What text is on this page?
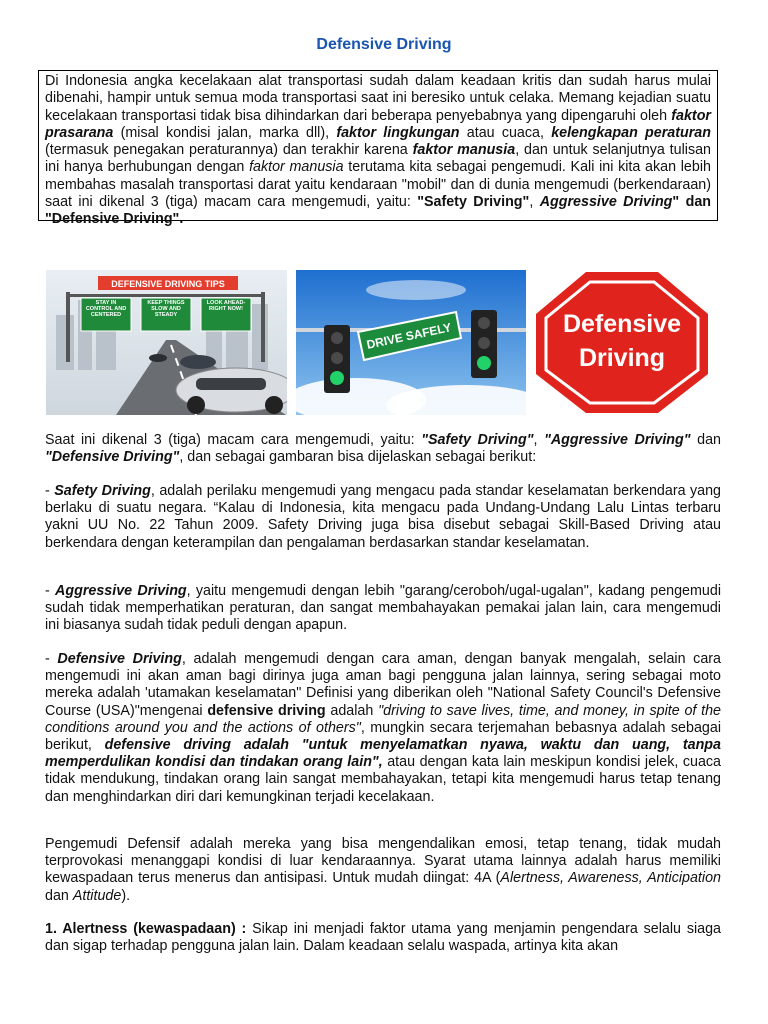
Defensive Driving
Di Indonesia angka kecelakaan alat transportasi sudah dalam keadaan kritis dan sudah harus mulai dibenahi, hampir untuk semua moda transportasi saat ini beresiko untuk celaka. Memang kejadian suatu kecelakaan transportasi tidak bisa dihindarkan dari beberapa penyebabnya yang dipengaruhi oleh faktor prasarana (misal kondisi jalan, marka dll), faktor lingkungan atau cuaca, kelengkapan peraturan (termasuk penegakan peraturannya) dan terakhir karena faktor manusia, dan untuk selanjutnya tulisan ini hanya berhubungan dengan faktor manusia terutama kita sebagai pengemudi. Kali ini kita akan lebih membahas masalah transportasi darat yaitu kendaraan "mobil" dan di dunia mengemudi (berkendaraan) saat ini dikenal 3 (tiga) macam cara mengemudi, yaitu: "Safety Driving", Aggressive Driving" dan "Defensive Driving".
DEFENSIVE DRIVING TIPS
STAY IN CONTROL AND CENTERED
KEEP THINGS SLOW AND STEADY
LOOK AHEAD-RIGHT NOW!
DRIVE SAFELY	Defensive
Driving
Saat ini dikenal 3 (tiga) macam cara mengemudi, yaitu: "Safety Driving", "Aggressive Driving" dan "Defensive Driving", dan sebagai gambaran bisa dijelaskan sebagai berikut:
- Safety Driving, adalah perilaku mengemudi yang mengacu pada standar keselamatan berkendara yang berlaku di suatu negara. “Kalau di Indonesia, kita mengacu pada Undang-Undang Lalu Lintas terbaru yakni UU No. 22 Tahun 2009. Safety Driving juga bisa disebut sebagai Skill-Based Driving atau berkendara dengan keterampilan dan pengalaman berdasarkan standar keselamatan.
- Aggressive Driving, yaitu mengemudi dengan lebih "garang/ceroboh/ugal-ugalan", kadang pengemudi sudah tidak memperhatikan peraturan, dan sangat membahayakan pemakai jalan lain, cara mengemudi ini biasanya sudah tidak peduli dengan apapun.
- Defensive Driving, adalah mengemudi dengan cara aman, dengan banyak mengalah, selain cara mengemudi ini akan aman bagi dirinya juga aman bagi pengguna jalan lainnya, sering sebagai moto mereka adalah 'utamakan keselamatan" Definisi yang diberikan oleh "National Safety Council's Defensive Course (USA)"mengenai defensive driving adalah "driving to save lives, time, and money, in spite of the conditions around you and the actions of others", mungkin secara terjemahan bebasnya adalah sebagai berikut, defensive driving adalah "untuk menyelamatkan nyawa, waktu dan uang, tanpa memperdulikan kondisi dan tindakan orang lain", atau dengan kata lain meskipun kondisi jelek, cuaca tidak mendukung, tindakan orang lain sangat membahayakan, tetapi kita mengemudi harus tetap tenang dan menghindarkan diri dari kemungkinan terjadi kecelakaan.
Pengemudi Defensif adalah mereka yang bisa mengendalikan emosi, tetap tenang, tidak mudah terprovokasi menanggapi kondisi di luar kendaraannya. Syarat utama lainnya adalah harus memiliki kewaspadaan terus menerus dan antisipasi. Untuk mudah diingat: 4A (Alertness, Awareness, Anticipation dan Attitude).
1. Alertness (kewaspadaan) : Sikap ini menjadi faktor utama yang menjamin pengendara selalu siaga dan sigap terhadap pengguna jalan lain. Dalam keadaan selalu waspada, artinya kita akan
